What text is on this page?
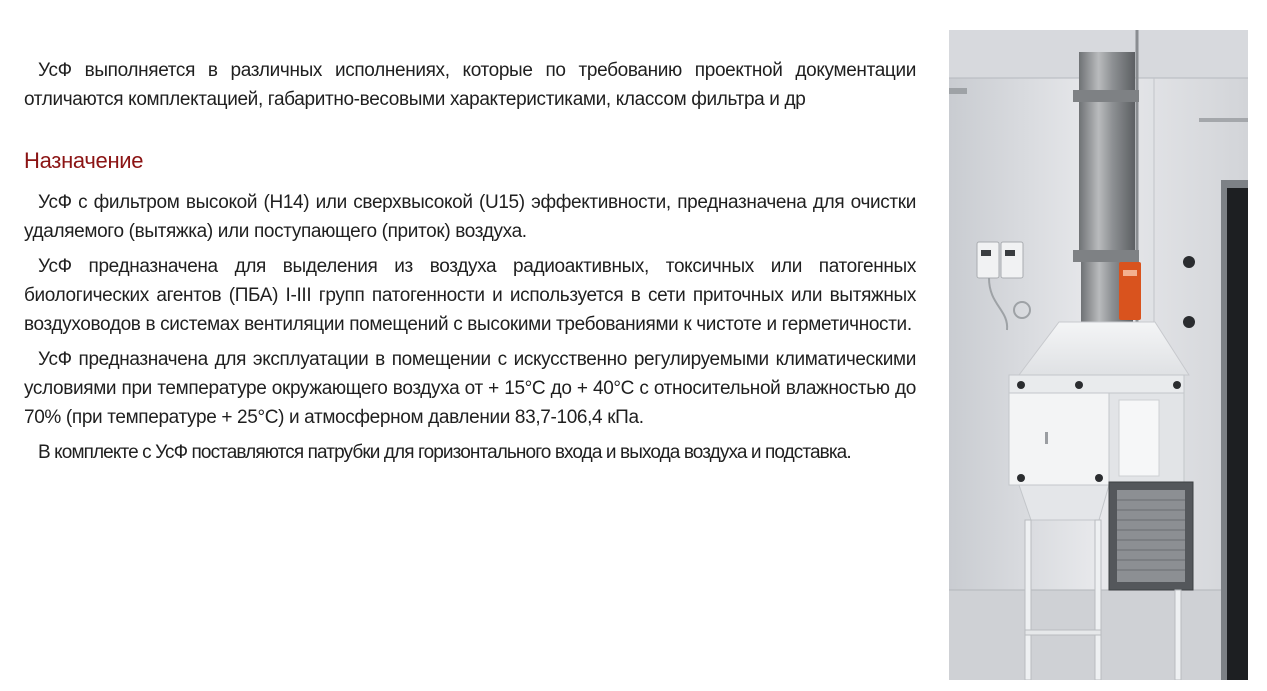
УсФ выполняется в различных исполнениях, которые по требованию проектной документации отличаются комплектацией, габаритно-весовыми характеристиками, классом фильтра и др

Назначение

УсФ с фильтром высокой (H14) или сверхвысокой (U15) эффективности, предназначена для очистки удаляемого (вытяжка) или поступающего (приток) воздуха.

УсФ предназначена для выделения из воздуха радиоактивных, токсичных или патогенных биологических агентов (ПБА) I-III групп патогенности и используется в сети приточных или вытяжных воздуховодов в системах вентиляции помещений с высокими требованиями к чистоте и герметичности.

УсФ предназначена для эксплуатации в помещении с искусственно регулируемыми климатическими условиями при температуре окружающего воздуха от + 15°С до + 40°С с относительной влажностью до 70% (при температуре + 25°С) и атмосферном давлении 83,7-106,4 кПа.

В комплекте с УсФ поставляются патрубки для горизонтального входа и выхода воздуха и подставка.
